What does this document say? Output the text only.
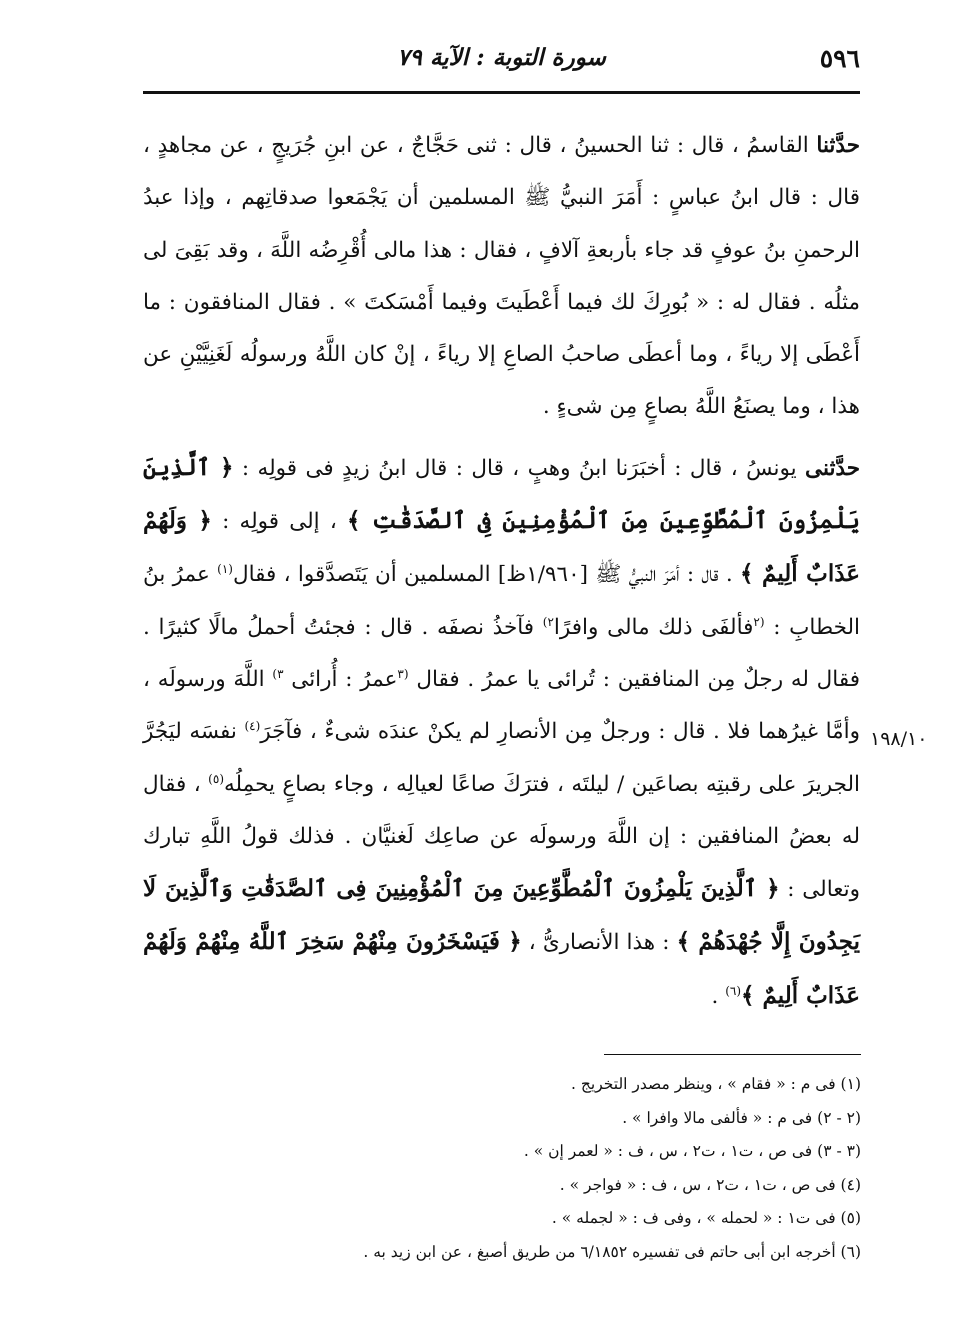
٥٩٦
سورة التوبة : الآية ٧٩
١٩٨/١٠

حدَّثنا القاسمُ ، قال : ثنا الحسينُ ، قال : ثنى حَجَّاجٌ ، عن ابنِ جُرَيجٍ ، عن مجاهدٍ ، قال : قال ابنُ عباسٍ : أَمَرَ النبيُّ ﷺ المسلمين أن يَجْمَعوا صدقاتِهم ، وإذا عبدُ الرحمنِ بنُ عوفٍ قد جاء بأربعةِ آلافٍ ، فقال : هذا مالى أُقْرِضُه اللَّهَ ، وقد بَقِىَ لى مثلُه . فقال له : « بُورِكَ لك فيما أَعْطَيتَ وفيما أَمْسَكتَ » . فقال المنافقون : ما أَعْطَى إلا رياءً ، وما أعطَى صاحبُ الصاعِ إلا رياءً ، إنْ كان اللَّهُ ورسولُه لَغَنِيَّيْنِ عن هذا ، وما يصنَعُ اللَّهُ بصاعٍ مِن شىءٍ .

حدَّثنى يونسُ ، قال : أخبَرَنا ابنُ وهبٍ ، قال : قال ابنُ زيدٍ فى قولِه : ﴿ ٱلَّذِينَ يَلْمِزُونَ ٱلْمُطَّوِّعِينَ مِنَ ٱلْمُؤْمِنِينَ فِى ٱلصَّدَقَٰتِ ﴾ ، إلى قولِه : ﴿ وَلَهُمْ عَذَابٌ أَلِيمٌ ﴾ . قال : أمَرَ النبيُّ ﷺ [١/٩٦٠ظ] المسلمين أن يَتَصدَّقوا ، فقال$^{(١)}$ عمرُ بنُ الخطابِ : $^{(٢}$فألفَى ذلك مالى وافرًا$^{٢)}$ فآخذُ نصفَه . قال : فجئتُ أحملُ مالًا كثيرًا . فقال له رجلٌ مِن المنافقين : تُرائى يا عمرُ . فقال $^{(٣}$عمرُ : أُرائى $^{٣)}$ اللَّهَ ورسولَه ، وأمَّا غيرُهما فلا . قال : ورجلٌ مِن الأنصارِ لم يكنْ عندَه شىءٌ ، فآجَرَ$^{(٤)}$ نفسَه ليَجُرَّ الجريرَ على رقبتِه بصاعَين / ليلتَه ، فترَكَ صاعًا لعيالِه ، وجاء بصاعٍ يحمِلُه$^{(٥)}$ ، فقال له بعضُ المنافقين : إن اللَّهَ ورسولَه عن صاعِك لَغنيَّان . فذلك قولُ اللَّهِ تبارك وتعالى : ﴿ ٱلَّذِينَ يَلْمِزُونَ ٱلْمُطَّوِّعِينَ مِنَ ٱلْمُؤْمِنِينَ فِى ٱلصَّدَقَٰتِ وَٱلَّذِينَ لَا يَجِدُونَ إِلَّا جُهْدَهُمْ ﴾ : هذا الأنصارىُّ ، ﴿ فَيَسْخَرُونَ مِنْهُمْ سَخِرَ ٱللَّهُ مِنْهُمْ وَلَهُمْ عَذَابٌ أَلِيمٌ ﴾$^{(٦)}$ .

(١) فى م : « فقام » ، وينظر مصدر التخريج .

(٢ - ٢) فى م : « فألفى مالا وافرا » .

(٣ - ٣) فى ص ، ت١ ، ت٢ ، س ، ف : « لعمر إن » .

(٤) فى ص ، ت١ ، ت٢ ، س ، ف : « فواجر » .

(٥) فى ت١ : « لحمله » ، وفى ف : « لجمله » .

(٦) أخرجه ابن أبى حاتم فى تفسيره ٦/١٨٥٢ من طريق أصبغ ، عن ابن زيد به .
